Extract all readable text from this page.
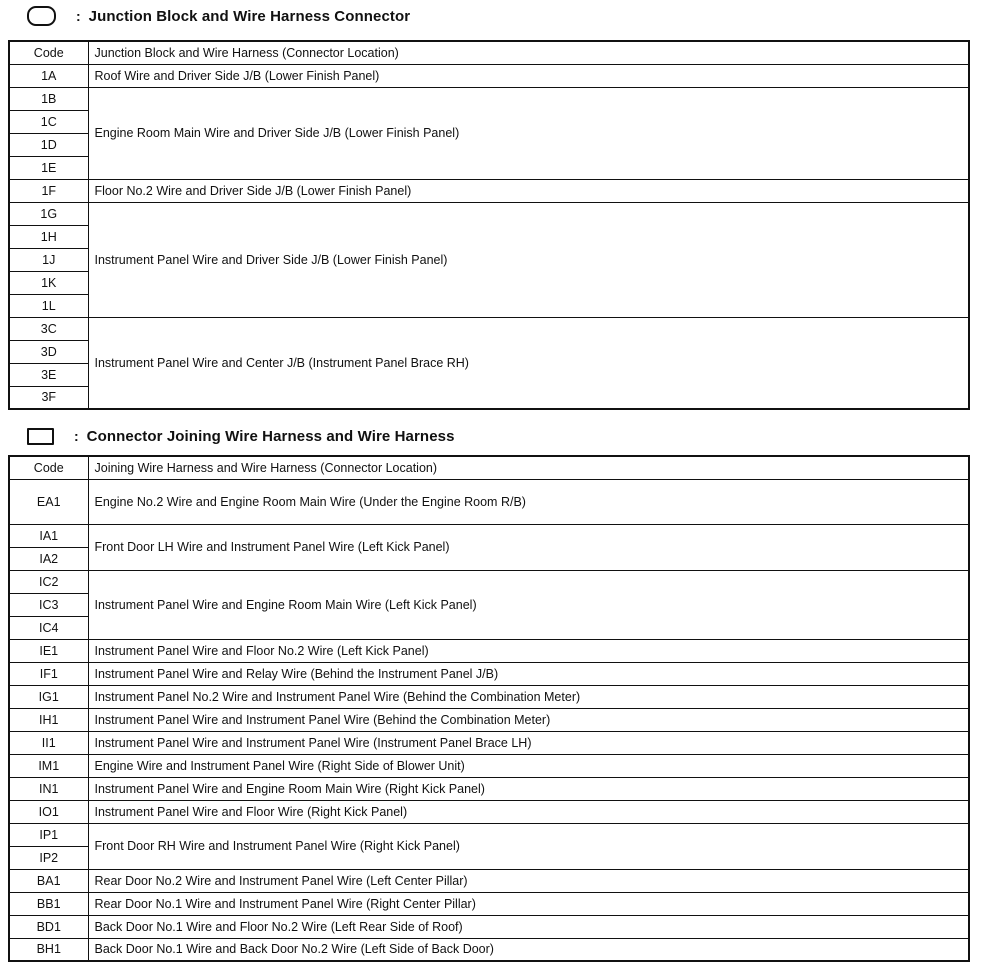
: Junction Block and Wire Harness Connector
Code	Junction Block and Wire Harness (Connector Location)
1A	Roof Wire and Driver Side J/B (Lower Finish Panel)
1B	Engine Room Main Wire and Driver Side J/B (Lower Finish Panel)
1C	
1D	
1E	
1F	Floor No.2 Wire and Driver Side J/B (Lower Finish Panel)
1G	Instrument Panel Wire and Driver Side J/B (Lower Finish Panel)
1H	
1J	
1K	
1L	
3C	Instrument Panel Wire and Center J/B (Instrument Panel Brace RH)
3D	
3E	
3F	
: Connector Joining Wire Harness and Wire Harness
Code	Joining Wire Harness and Wire Harness (Connector Location)
EA1	Engine No.2 Wire and Engine Room Main Wire (Under the Engine Room R/B)
IA1	Front Door LH Wire and Instrument Panel Wire (Left Kick Panel)
IA2	
IC2	Instrument Panel Wire and Engine Room Main Wire (Left Kick Panel)
IC3	
IC4	
IE1	Instrument Panel Wire and Floor No.2 Wire (Left Kick Panel)
IF1	Instrument Panel Wire and Relay Wire (Behind the Instrument Panel J/B)
IG1	Instrument Panel No.2 Wire and Instrument Panel Wire (Behind the Combination Meter)
IH1	Instrument Panel Wire and Instrument Panel Wire (Behind the Combination Meter)
II1	Instrument Panel Wire and Instrument Panel Wire (Instrument Panel Brace LH)
IM1	Engine Wire and Instrument Panel Wire (Right Side of Blower Unit)
IN1	Instrument Panel Wire and Engine Room Main Wire (Right Kick Panel)
IO1	Instrument Panel Wire and Floor Wire (Right Kick Panel)
IP1	Front Door RH Wire and Instrument Panel Wire (Right Kick Panel)
IP2	
BA1	Rear Door No.2 Wire and Instrument Panel Wire (Left Center Pillar)
BB1	Rear Door No.1 Wire and Instrument Panel Wire (Right Center Pillar)
BD1	Back Door No.1 Wire and Floor No.2 Wire (Left Rear Side of Roof)
BH1	Back Door No.1 Wire and Back Door No.2 Wire (Left Side of Back Door)
